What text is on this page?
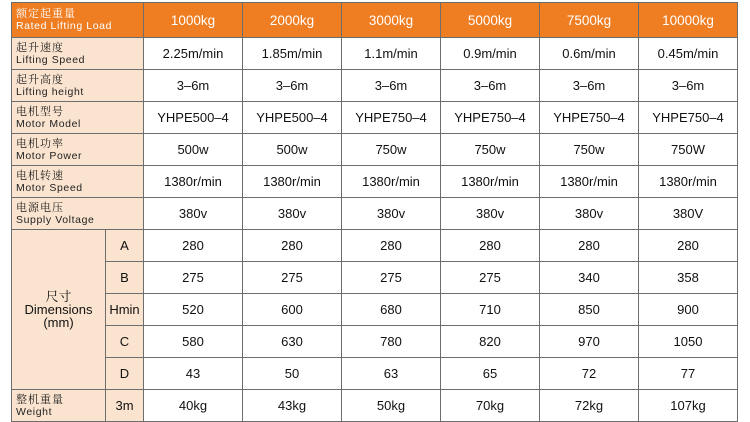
额定起重量
Rated Lifting Load		1000kg	2000kg	3000kg	5000kg	7500kg	10000kg

起升速度
Lifting Speed		2.25m/min	1.85m/min	1.1m/min	0.9m/min	0.6m/min	0.45m/min

起升高度
Lifting height		3–6m	3–6m	3–6m	3–6m	3–6m	3–6m

电机型号
Motor Model		YHPE500–4	YHPE500–4	YHPE750–4	YHPE750–4	YHPE750–4	YHPE750–4

电机功率
Motor Power		500w	500w	750w	750w	750w	750W

电机转速
Motor Speed		1380r/min	1380r/min	1380r/min	1380r/min	1380r/min	1380r/min

电源电压
Supply Voltage		380v	380v	380v	380v	380v	380V

尺寸
Dimensions
(mm)	A	280	280	280	280	280	280
	B	275	275	275	275	340	358
	Hmin	520	600	680	710	850	900
	C	580	630	780	820	970	1050
	D	43	50	63	65	72	77

整机重量
Weight	3m	40kg	43kg	50kg	70kg	72kg	107kg
